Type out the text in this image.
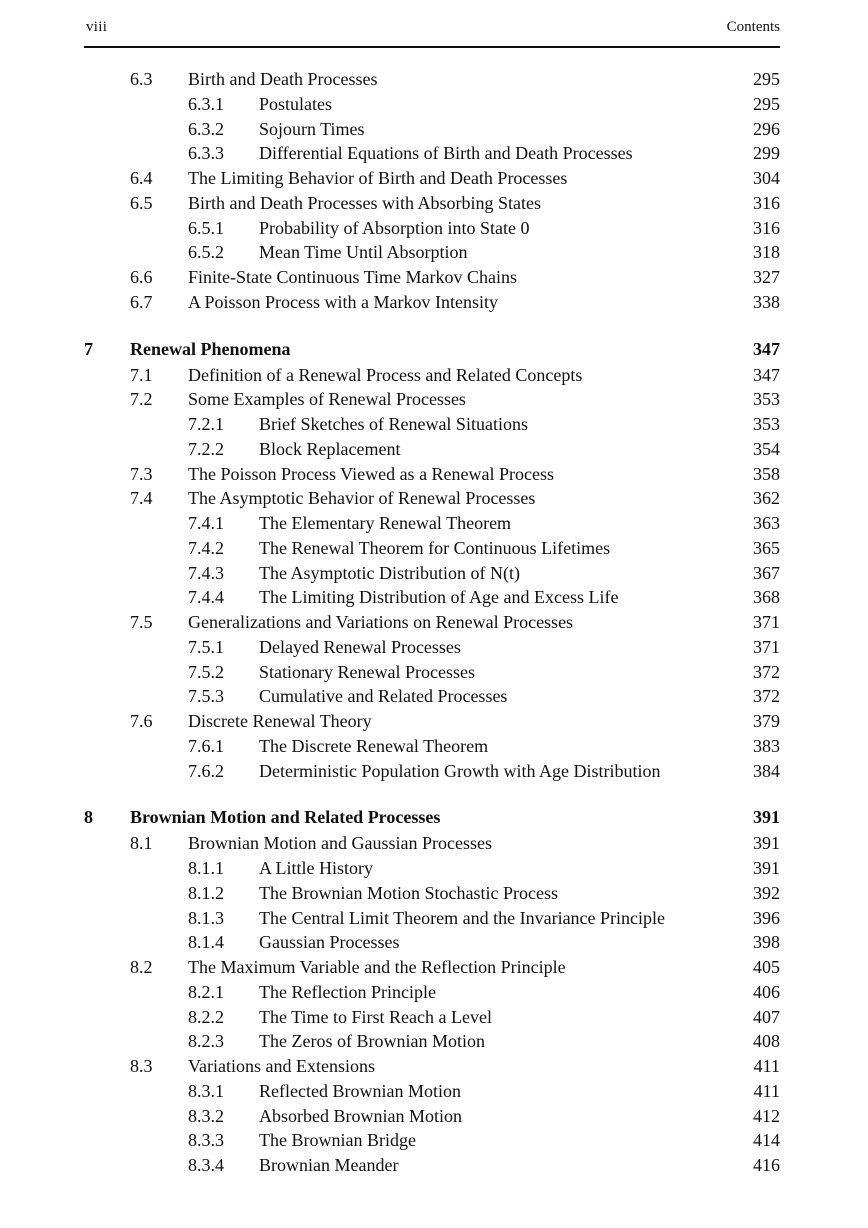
viii	Contents
6.3 Birth and Death Processes	295
6.3.1 Postulates	295
6.3.2 Sojourn Times	296
6.3.3 Differential Equations of Birth and Death Processes	299
6.4 The Limiting Behavior of Birth and Death Processes	304
6.5 Birth and Death Processes with Absorbing States	316
6.5.1 Probability of Absorption into State 0	316
6.5.2 Mean Time Until Absorption	318
6.6 Finite-State Continuous Time Markov Chains	327
6.7 A Poisson Process with a Markov Intensity	338
7 Renewal Phenomena	347
7.1 Definition of a Renewal Process and Related Concepts	347
7.2 Some Examples of Renewal Processes	353
7.2.1 Brief Sketches of Renewal Situations	353
7.2.2 Block Replacement	354
7.3 The Poisson Process Viewed as a Renewal Process	358
7.4 The Asymptotic Behavior of Renewal Processes	362
7.4.1 The Elementary Renewal Theorem	363
7.4.2 The Renewal Theorem for Continuous Lifetimes	365
7.4.3 The Asymptotic Distribution of N(t)	367
7.4.4 The Limiting Distribution of Age and Excess Life	368
7.5 Generalizations and Variations on Renewal Processes	371
7.5.1 Delayed Renewal Processes	371
7.5.2 Stationary Renewal Processes	372
7.5.3 Cumulative and Related Processes	372
7.6 Discrete Renewal Theory	379
7.6.1 The Discrete Renewal Theorem	383
7.6.2 Deterministic Population Growth with Age Distribution	384
8 Brownian Motion and Related Processes	391
8.1 Brownian Motion and Gaussian Processes	391
8.1.1 A Little History	391
8.1.2 The Brownian Motion Stochastic Process	392
8.1.3 The Central Limit Theorem and the Invariance Principle	396
8.1.4 Gaussian Processes	398
8.2 The Maximum Variable and the Reflection Principle	405
8.2.1 The Reflection Principle	406
8.2.2 The Time to First Reach a Level	407
8.2.3 The Zeros of Brownian Motion	408
8.3 Variations and Extensions	411
8.3.1 Reflected Brownian Motion	411
8.3.2 Absorbed Brownian Motion	412
8.3.3 The Brownian Bridge	414
8.3.4 Brownian Meander	416
